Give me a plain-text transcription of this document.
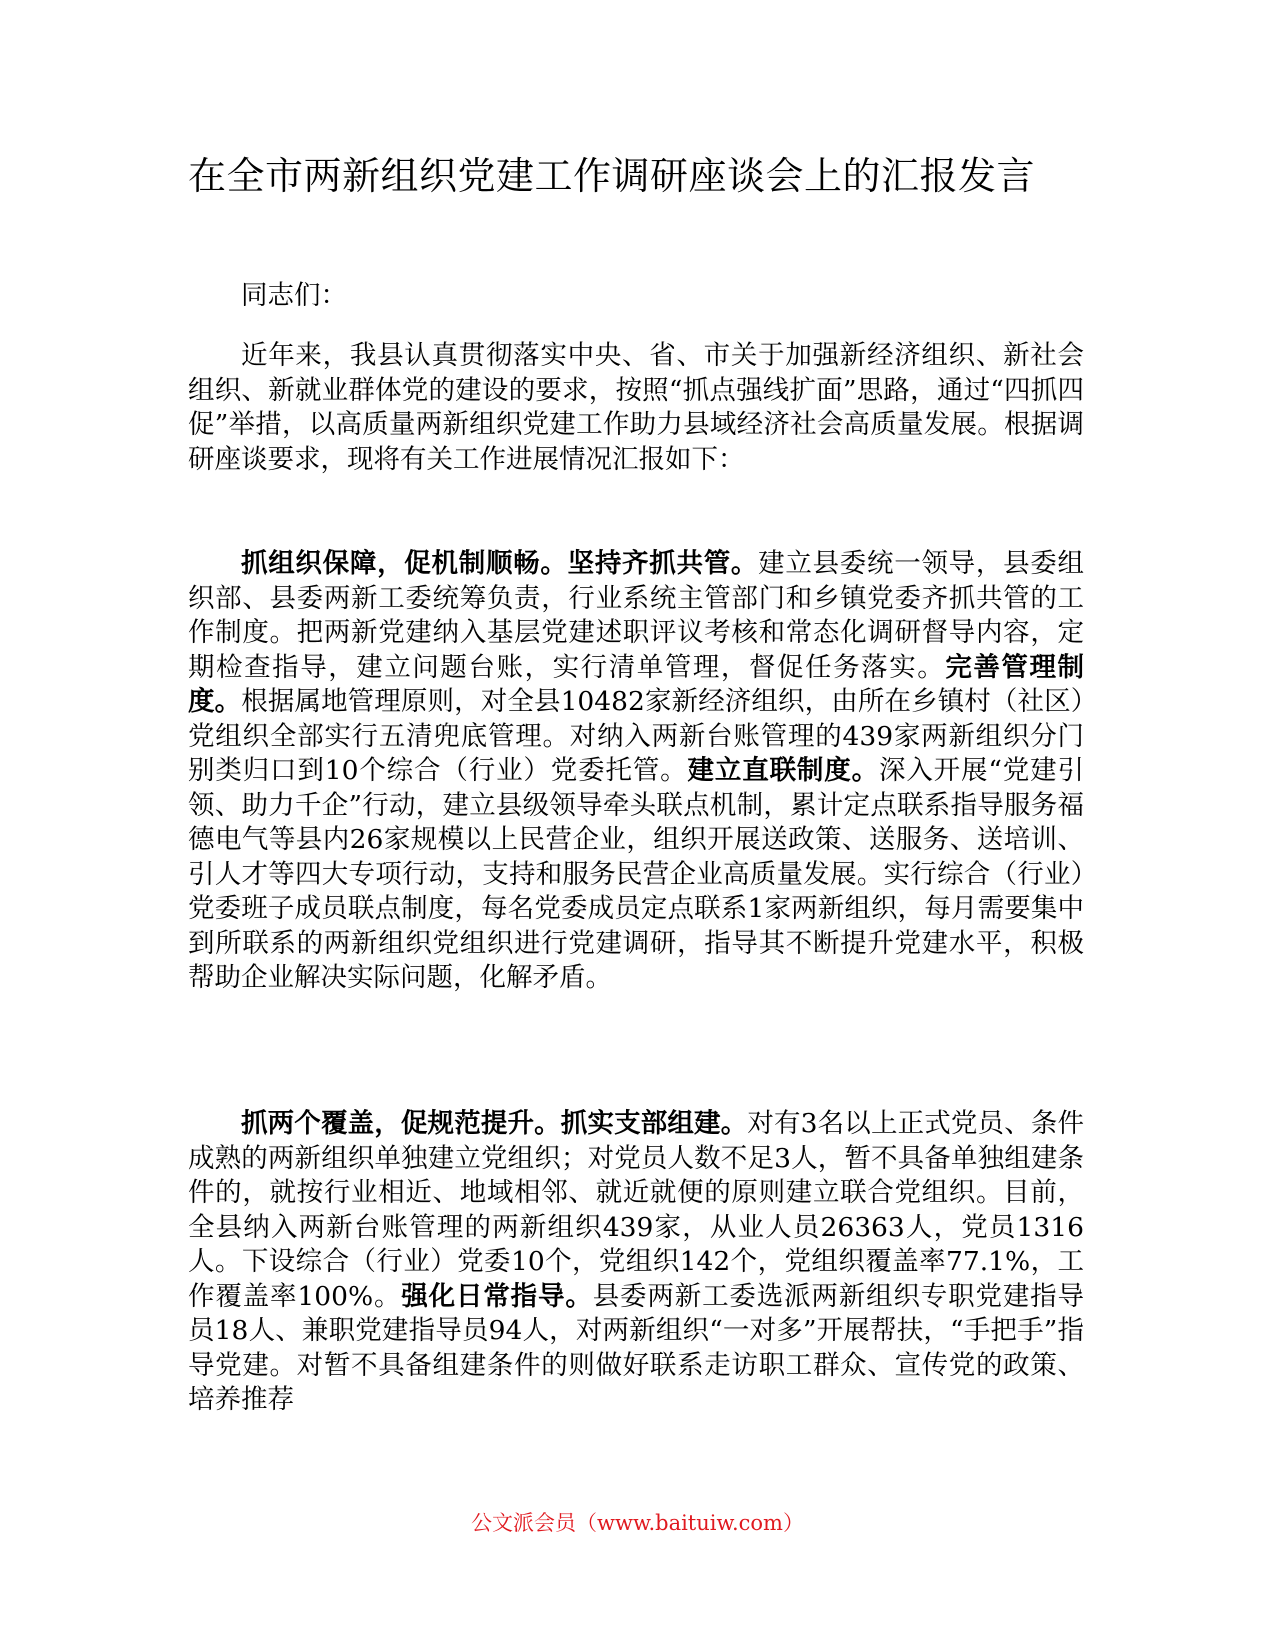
在全市两新组织党建工作调研座谈会上的汇报发言

同志们：

近年来，我县认真贯彻落实中央、省、市关于加强新经济组织、新社会组织、新就业群体党的建设的要求，按照“抓点强线扩面”思路，通过“四抓四促”举措，以高质量两新组织党建工作助力县域经济社会高质量发展。根据调研座谈要求，现将有关工作进展情况汇报如下：

抓组织保障，促机制顺畅。坚持齐抓共管。建立县委统一领导，县委组织部、县委两新工委统筹负责，行业系统主管部门和乡镇党委齐抓共管的工作制度。把两新党建纳入基层党建述职评议考核和常态化调研督导内容，定期检查指导，建立问题台账，实行清单管理，督促任务落实。完善管理制度。根据属地管理原则，对全县10482家新经济组织，由所在乡镇村（社区）党组织全部实行五清兜底管理。对纳入两新台账管理的439家两新组织分门别类归口到10个综合（行业）党委托管。建立直联制度。深入开展“党建引领、助力千企”行动，建立县级领导牵头联点机制，累计定点联系指导服务福德电气等县内26家规模以上民营企业，组织开展送政策、送服务、送培训、引人才等四大专项行动，支持和服务民营企业高质量发展。实行综合（行业）党委班子成员联点制度，每名党委成员定点联系1家两新组织，每月需要集中到所联系的两新组织党组织进行党建调研，指导其不断提升党建水平，积极帮助企业解决实际问题，化解矛盾。

抓两个覆盖，促规范提升。抓实支部组建。对有3名以上正式党员、条件成熟的两新组织单独建立党组织；对党员人数不足3人，暂不具备单独组建条件的，就按行业相近、地域相邻、就近就便的原则建立联合党组织。目前，全县纳入两新台账管理的两新组织439家，从业人员26363人，党员1316人。下设综合（行业）党委10个，党组织142个，党组织覆盖率77.1%，工作覆盖率100%。强化日常指导。县委两新工委选派两新组织专职党建指导员18人、兼职党建指导员94人，对两新组织“一对多”开展帮扶，“手把手”指导党建。对暂不具备组建条件的则做好联系走访职工群众、宣传党的政策、培养推荐

公文派会员（www.baituiw.com）
